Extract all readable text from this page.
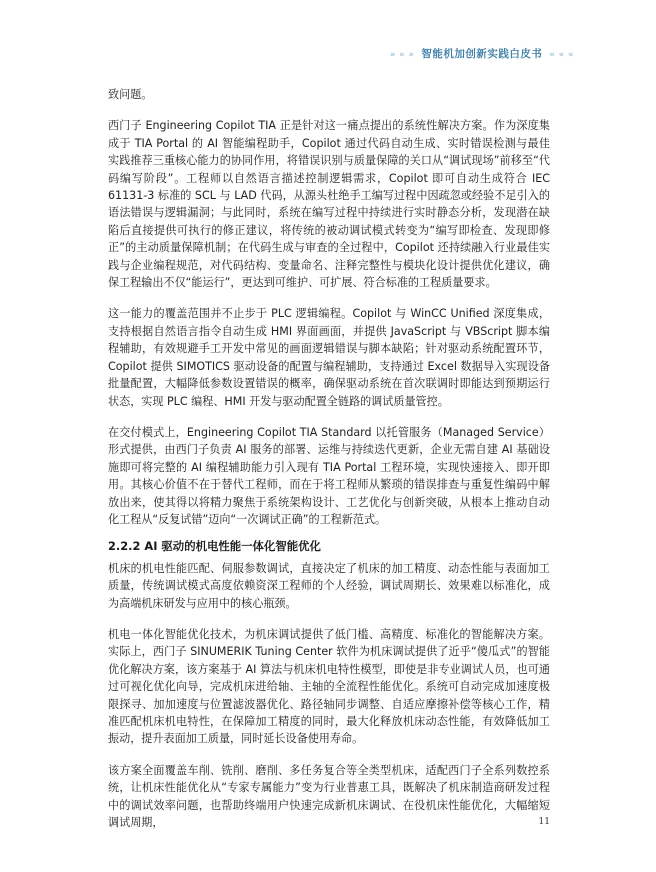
» » » 智能机加创新实践白皮书 « « «

致问题。

西门子 Engineering Copilot TIA 正是针对这一痛点提出的系统性解决方案。作为深度集成于 TIA Portal 的 AI 智能编程助手，Copilot 通过代码自动生成、实时错误检测与最佳实践推荐三重核心能力的协同作用，将错误识别与质量保障的关口从“调试现场”前移至“代码编写阶段”。工程师以自然语言描述控制逻辑需求，Copilot 即可自动生成符合 IEC 61131-3 标准的 SCL 与 LAD 代码，从源头杜绝手工编写过程中因疏忽或经验不足引入的语法错误与逻辑漏洞；与此同时，系统在编写过程中持续进行实时静态分析，发现潜在缺陷后直接提供可执行的修正建议，将传统的被动调试模式转变为“编写即检查、发现即修正”的主动质量保障机制；在代码生成与审查的全过程中，Copilot 还持续融入行业最佳实践与企业编程规范，对代码结构、变量命名、注释完整性与模块化设计提供优化建议，确保工程输出不仅“能运行”，更达到可维护、可扩展、符合标准的工程质量要求。

这一能力的覆盖范围并不止步于 PLC 逻辑编程。Copilot 与 WinCC Unified 深度集成，支持根据自然语言指令自动生成 HMI 界面画面，并提供 JavaScript 与 VBScript 脚本编程辅助，有效规避手工开发中常见的画面逻辑错误与脚本缺陷；针对驱动系统配置环节，Copilot 提供 SIMOTICS 驱动设备的配置与编程辅助，支持通过 Excel 数据导入实现设备批量配置，大幅降低参数设置错误的概率，确保驱动系统在首次联调时即能达到预期运行状态，实现 PLC 编程、HMI 开发与驱动配置全链路的调试质量管控。

在交付模式上，Engineering Copilot TIA Standard 以托管服务（Managed Service）形式提供，由西门子负责 AI 服务的部署、运维与持续迭代更新，企业无需自建 AI 基础设施即可将完整的 AI 编程辅助能力引入现有 TIA Portal 工程环境，实现快速接入、即开即用。其核心价值不在于替代工程师，而在于将工程师从繁琐的错误排查与重复性编码中解放出来，使其得以将精力聚焦于系统架构设计、工艺优化与创新突破，从根本上推动自动化工程从“反复试错”迈向“一次调试正确”的工程新范式。

2.2.2 AI 驱动的机电性能一体化智能优化

机床的机电性能匹配、伺服参数调试，直接决定了机床的加工精度、动态性能与表面加工质量，传统调试模式高度依赖资深工程师的个人经验，调试周期长、效果难以标准化，成为高端机床研发与应用中的核心瓶颈。

机电一体化智能优化技术，为机床调试提供了低门槛、高精度、标准化的智能解决方案。实际上，西门子 SINUMERIK Tuning Center 软件为机床调试提供了近乎“傻瓜式”的智能优化解决方案，该方案基于 AI 算法与机床机电特性模型，即使是非专业调试人员，也可通过可视化优化向导，完成机床进给轴、主轴的全流程性能优化。系统可自动完成加速度极限探寻、加加速度与位置滤波器优化、路径轴同步调整、自适应摩擦补偿等核心工作，精准匹配机床机电特性，在保障加工精度的同时，最大化释放机床动态性能，有效降低加工振动，提升表面加工质量，同时延长设备使用寿命。

该方案全面覆盖车削、铣削、磨削、多任务复合等全类型机床，适配西门子全系列数控系统，让机床性能优化从“专家专属能力”变为行业普惠工具，既解决了机床制造商研发过程中的调试效率问题，也帮助终端用户快速完成新机床调试、在役机床性能优化，大幅缩短调试周期，	11
